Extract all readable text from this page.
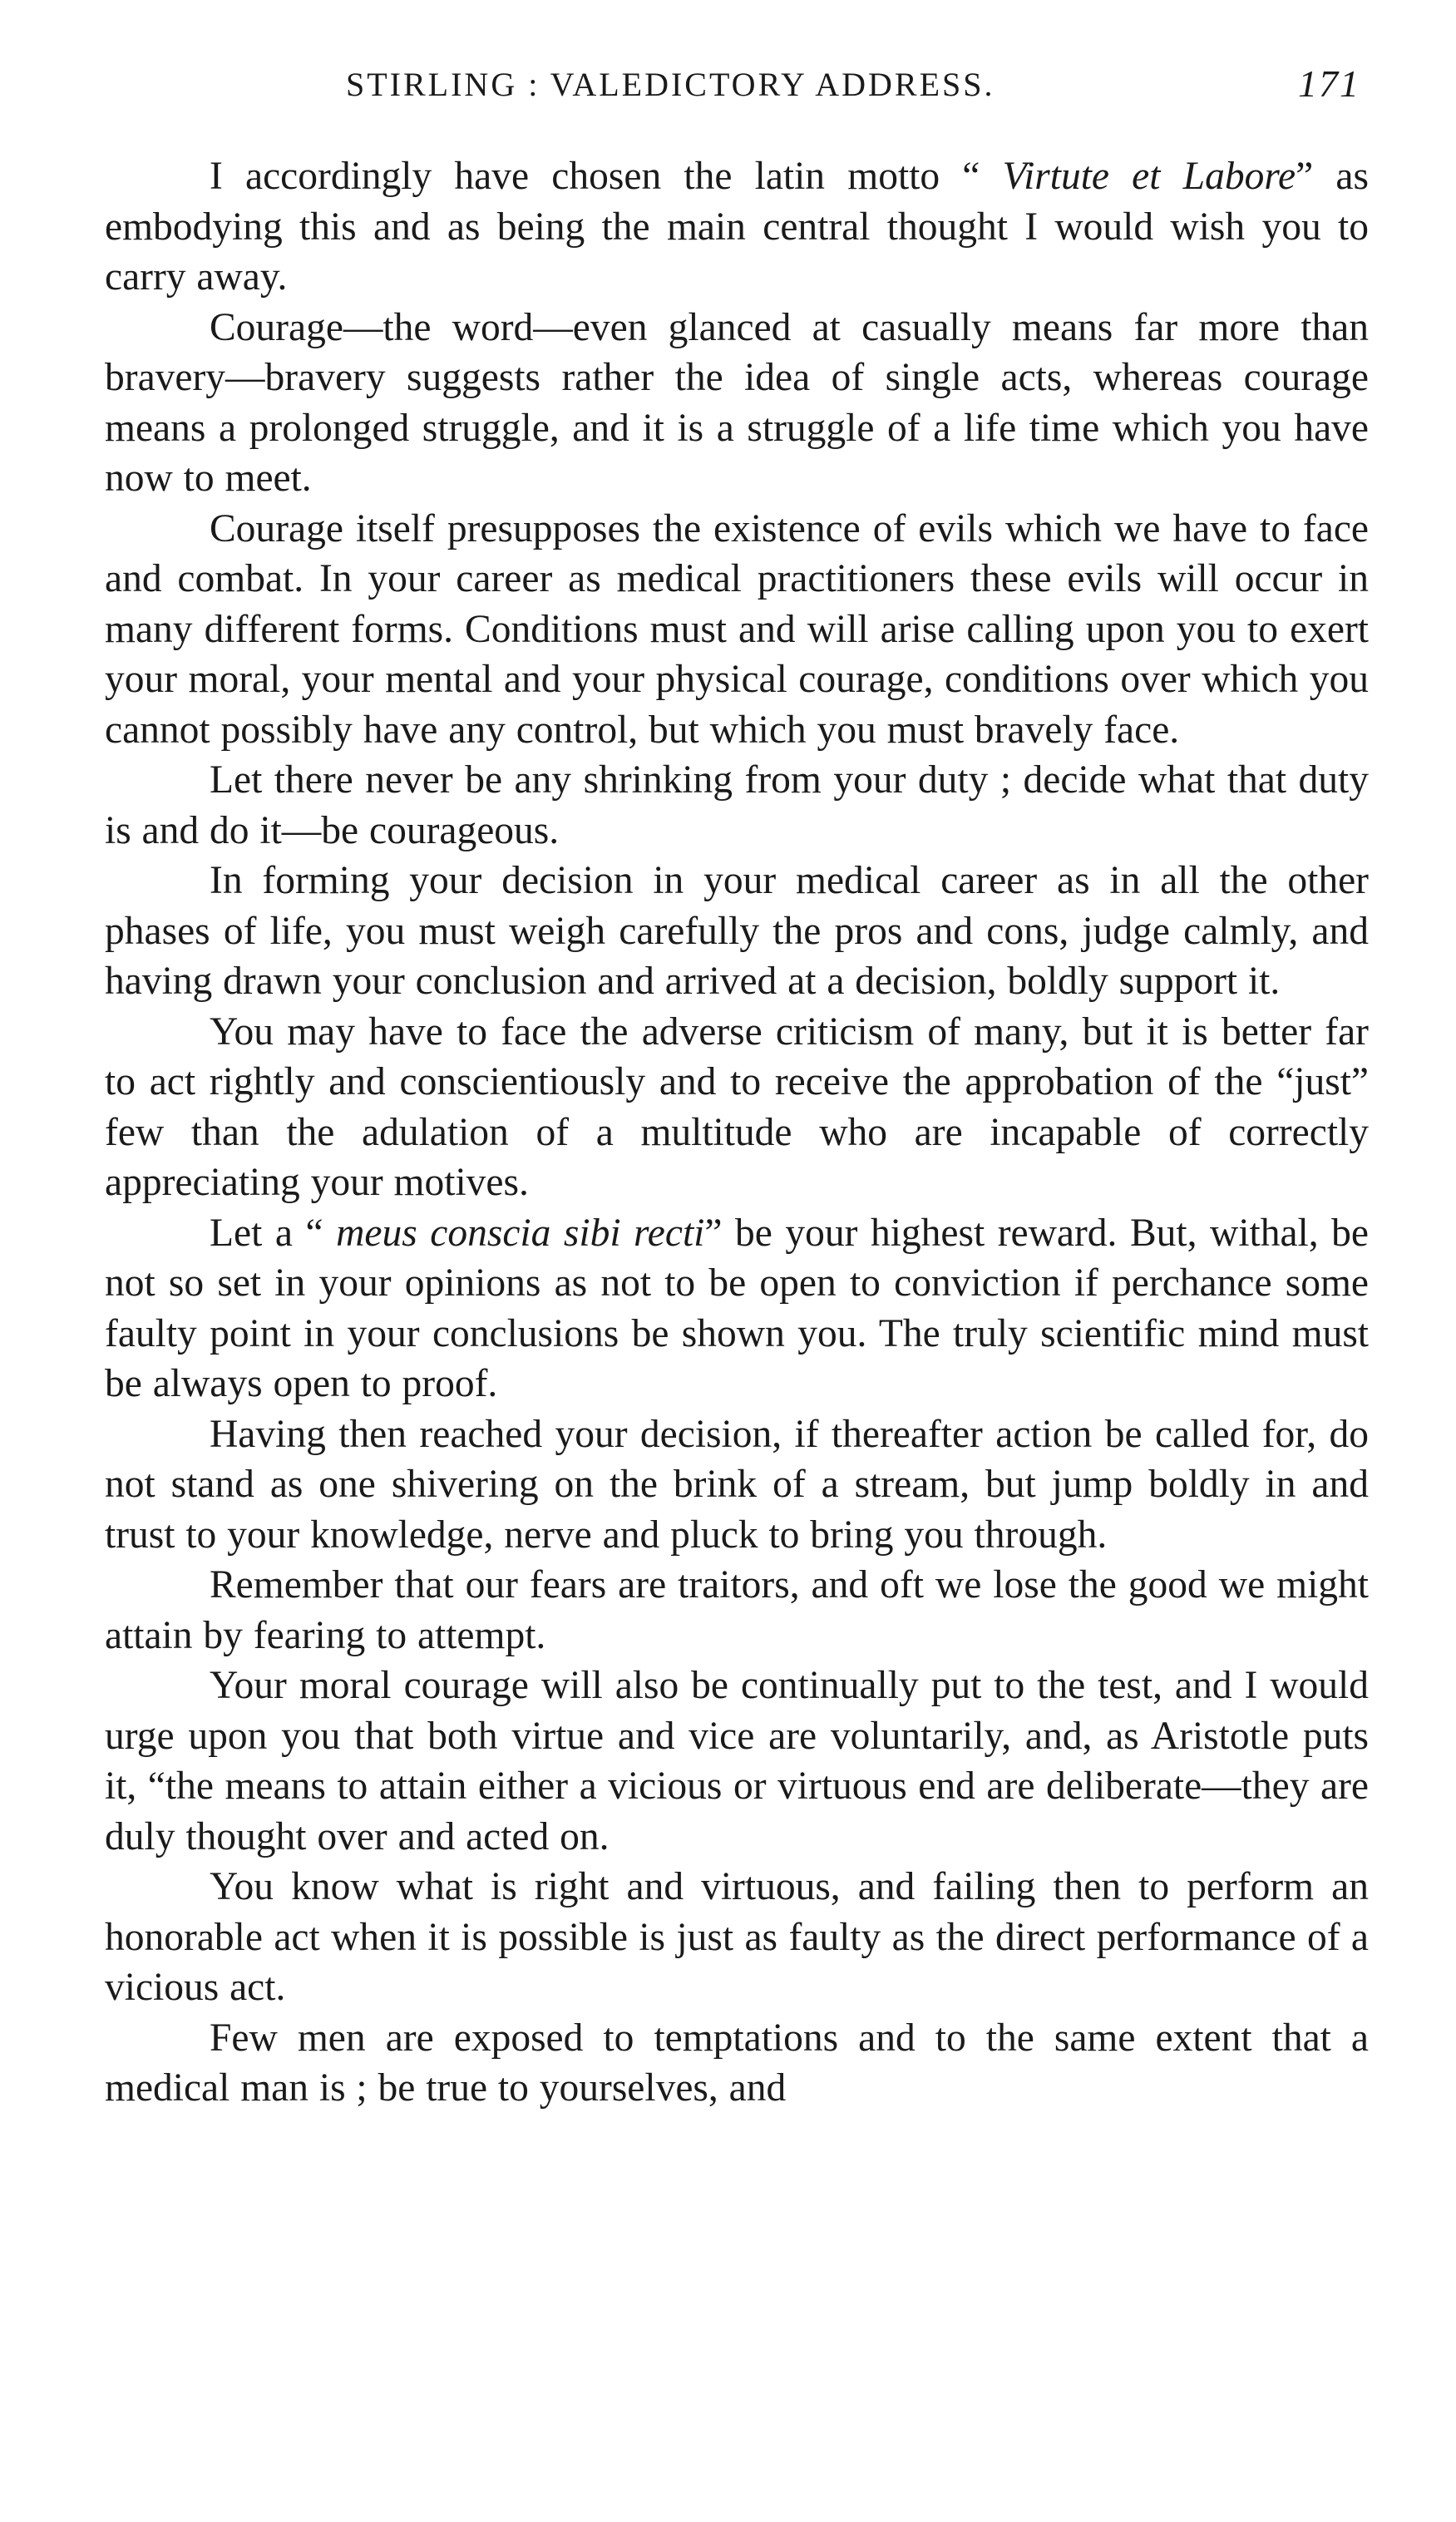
STIRLING : VALEDICTORY ADDRESS.	171

I accordingly have chosen the latin motto “ Virtute et Labore” as embodying this and as being the main central thought I would wish you to carry away.

Courage—the word—even glanced at casually means far more than bravery—bravery suggests rather the idea of single acts, whereas courage means a prolonged struggle, and it is a struggle of a life time which you have now to meet.

Courage itself presupposes the existence of evils which we have to face and combat. In your career as medical practitioners these evils will occur in many different forms. Conditions must and will arise calling upon you to exert your moral, your mental and your physical courage, conditions over which you cannot possibly have any control, but which you must bravely face.

Let there never be any shrinking from your duty ; decide what that duty is and do it—be courageous.

In forming your decision in your medical career as in all the other phases of life, you must weigh carefully the pros and cons, judge calmly, and having drawn your conclusion and arrived at a decision, boldly support it.

You may have to face the adverse criticism of many, but it is better far to act rightly and conscientiously and to receive the approbation of the “just” few than the adulation of a multitude who are incapable of correctly appreciating your motives.

Let a “ meus conscia sibi recti” be your highest reward. But, withal, be not so set in your opinions as not to be open to conviction if perchance some faulty point in your conclusions be shown you. The truly scientific mind must be always open to proof.

Having then reached your decision, if thereafter action be called for, do not stand as one shivering on the brink of a stream, but jump boldly in and trust to your knowledge, nerve and pluck to bring you through.

Remember that our fears are traitors, and oft we lose the good we might attain by fearing to attempt.

Your moral courage will also be continually put to the test, and I would urge upon you that both virtue and vice are voluntarily, and, as Aristotle puts it, “the means to attain either a vicious or virtuous end are deliberate—they are duly thought over and acted on.

You know what is right and virtuous, and failing then to perform an honorable act when it is possible is just as faulty as the direct performance of a vicious act.

Few men are exposed to temptations and to the same extent that a medical man is ; be true to yourselves, and
